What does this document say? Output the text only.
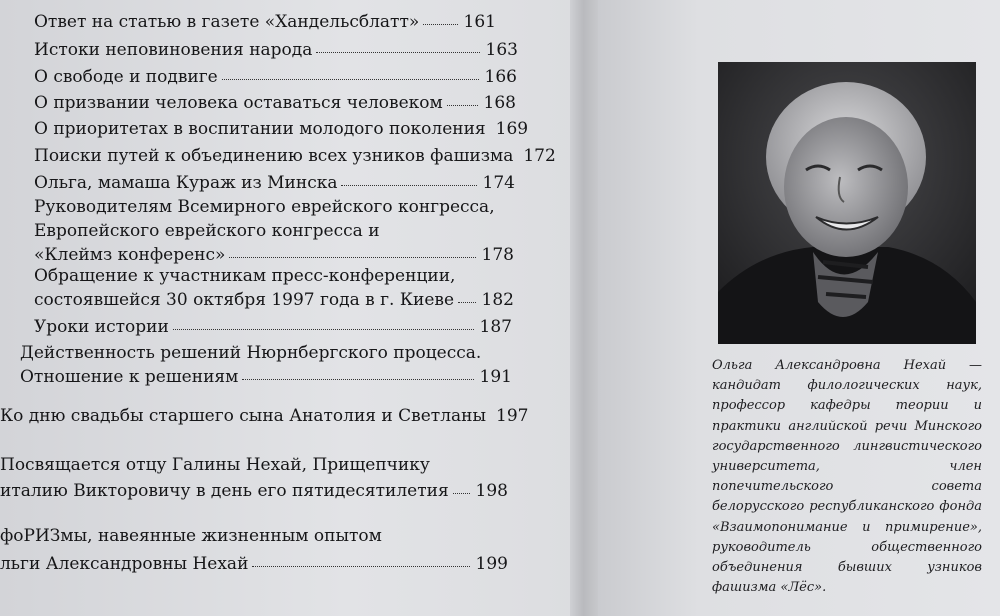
Ответ на статью в газете «Хандельсблатт»	161
Истоки неповиновения народа	163
О свободе и подвиге	166
О призвании человека оставаться человеком 168
О приоритетах в воспитании молодого поколения 169
Поиски путей к объединению всех узников фашизма 172
Ольга, мамаша Кураж из Минска	174
Руководителям Всемирного еврейского конгресса,
Европейского еврейского конгресса и
«Клеймз конференс»	178
Обращение к участникам пресс-конференции,
состоявшейся 30 октября 1997 года в г. Киеве 182
Уроки истории	187
Действенность решений Нюрнбергского процесса.
Отношение к решениям	191
Ко дню свадьбы старшего сына Анатолия и Светланы 197
Посвящается отцу Галины Нехай, Прищепчику
италию Викторовичу в день его пятидесятилетия 198
фоРИЗмы, навеянные жизненным опытом
льги Александровны Нехай	199
Ольга Александровна Нехай — кандидат филологических наук, профессор кафедры теории и практики английской речи Минского государственного лингвистического университета, член попечительского совета белорусского республиканского фонда «Взаимопонимание и примирение», руководитель общественного объединения бывших узников фашизма «Лёс».
